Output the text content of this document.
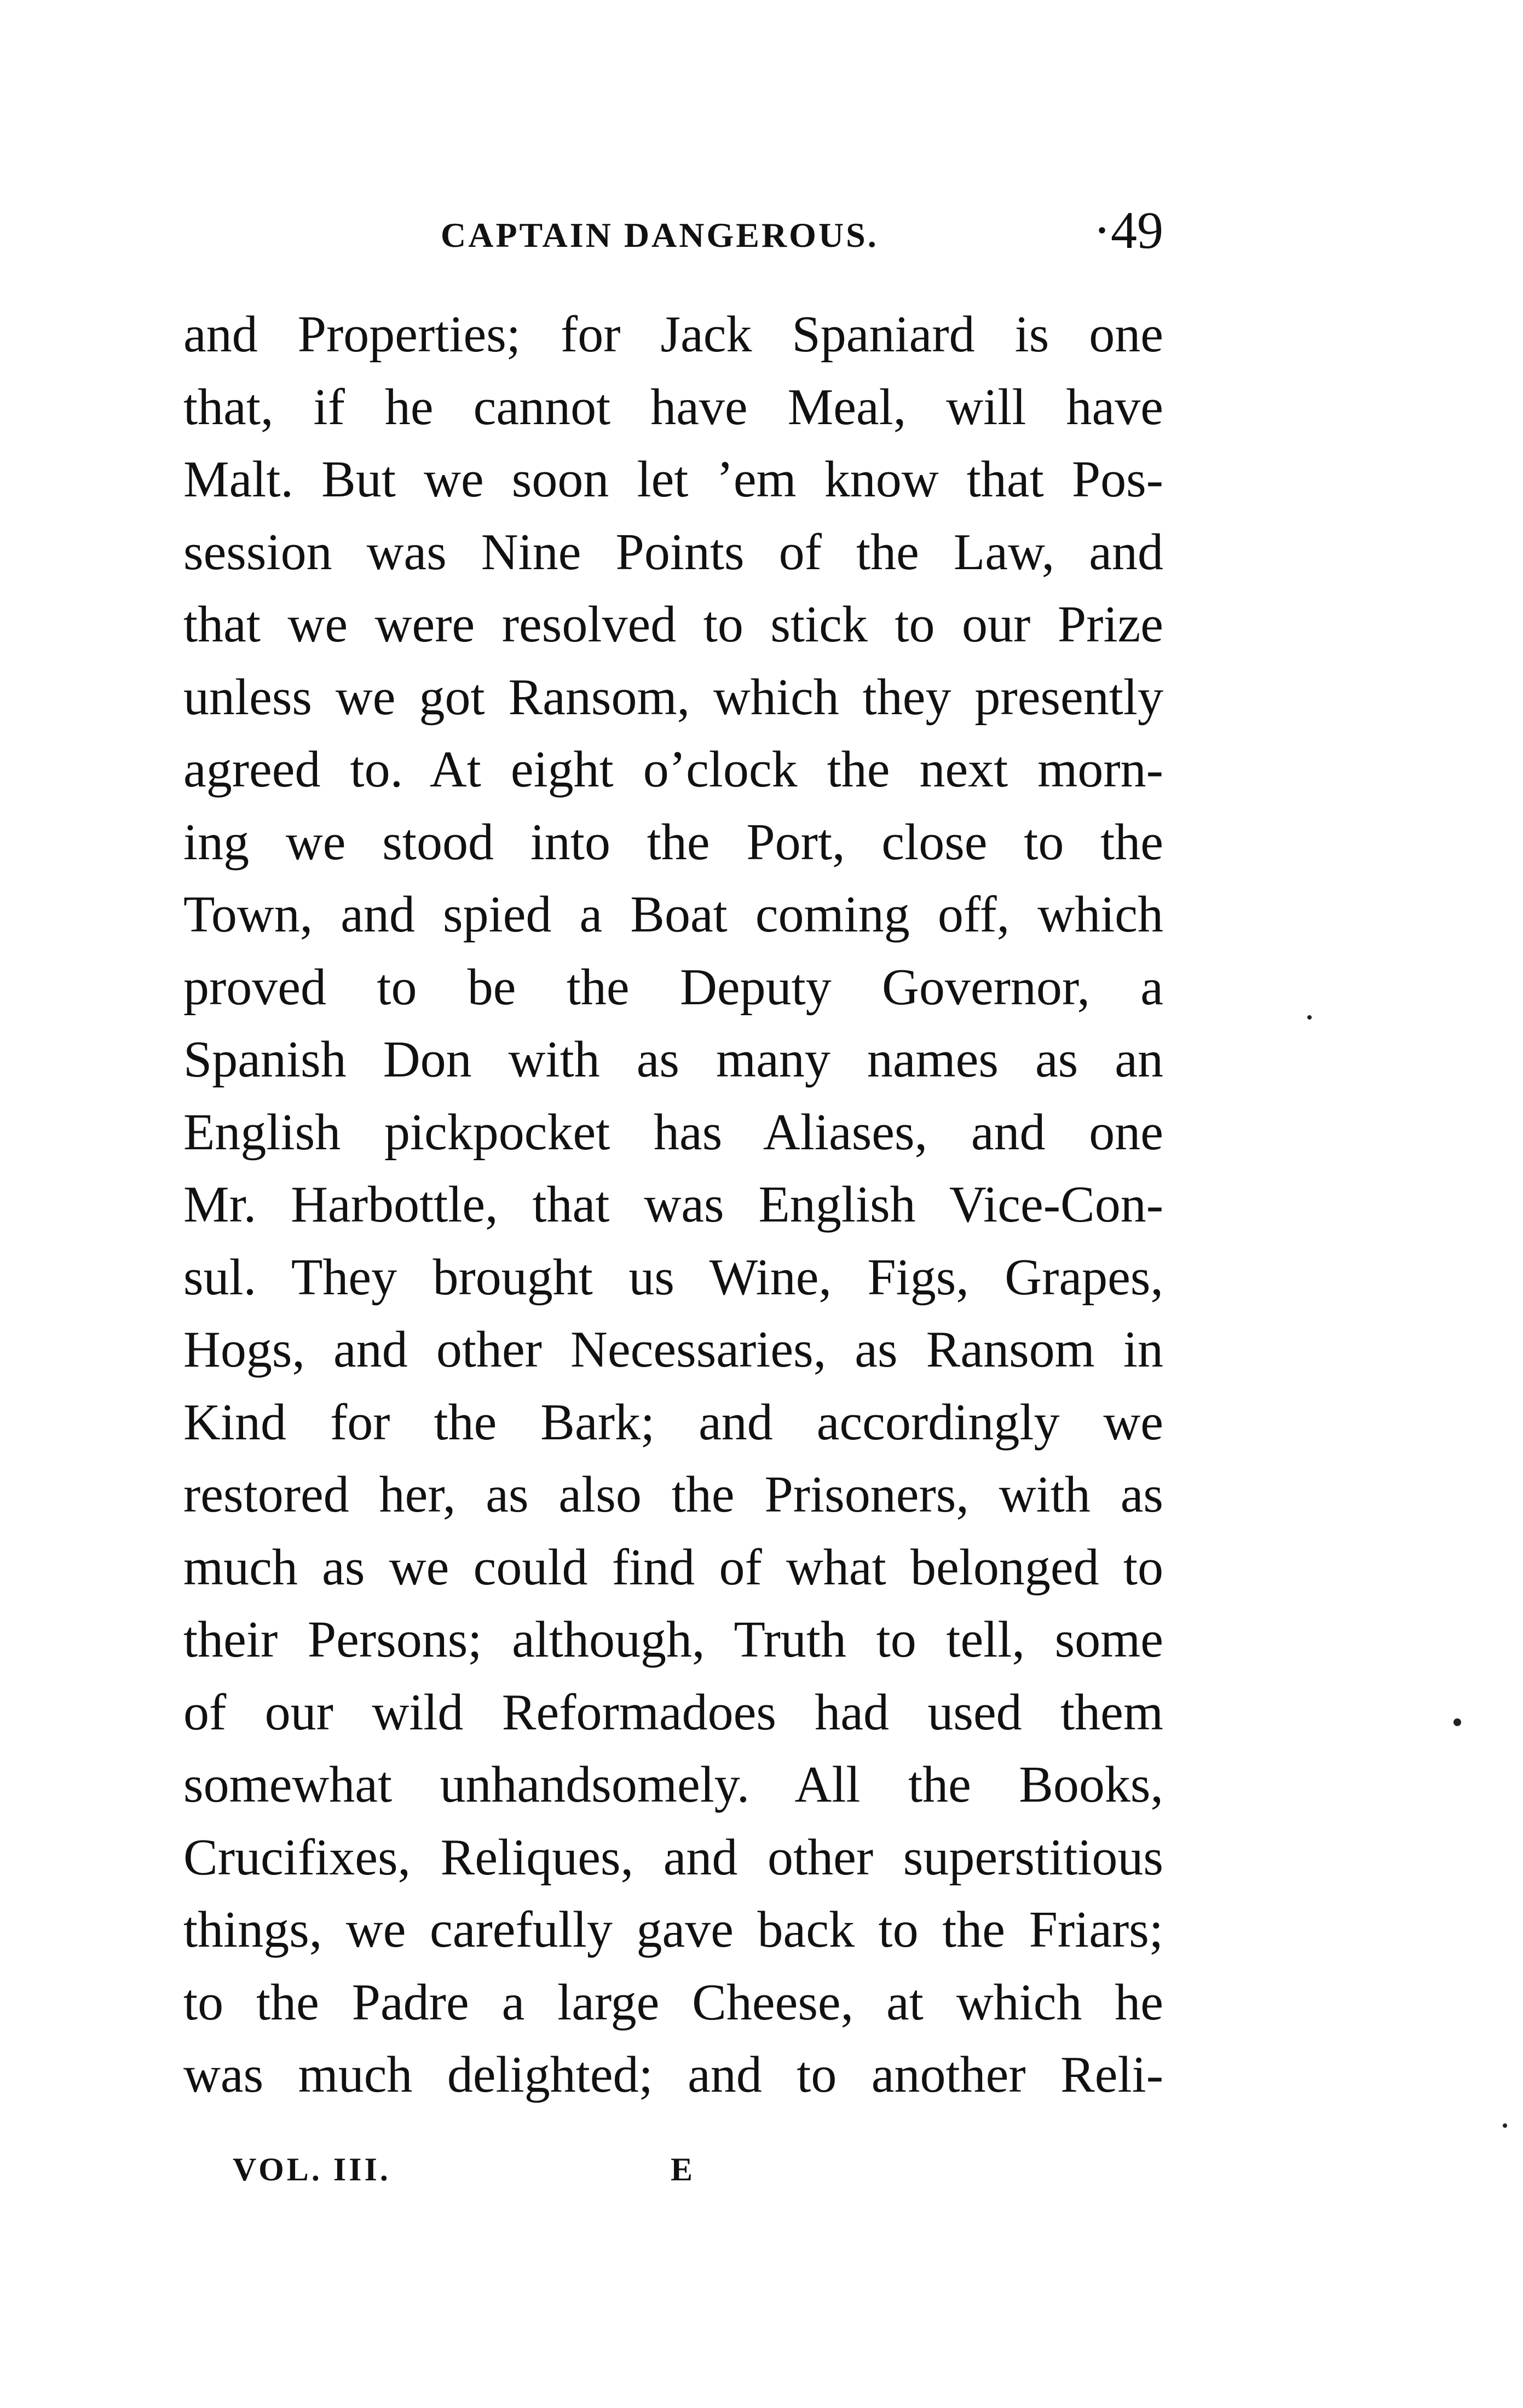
CAPTAIN DANGEROUS.	·49
and Properties; for Jack Spaniard is one
that, if he cannot have Meal, will have
Malt. But we soon let ’em know that Pos-
session was Nine Points of the Law, and
that we were resolved to stick to our Prize
unless we got Ransom, which they presently
agreed to. At eight o’clock the next morn-
ing we stood into the Port, close to the
Town, and spied a Boat coming off, which
proved to be the Deputy Governor, a
Spanish Don with as many names as an
English pickpocket has Aliases, and one
Mr. Harbottle, that was English Vice-Con-
sul. They brought us Wine, Figs, Grapes,
Hogs, and other Necessaries, as Ransom in
Kind for the Bark; and accordingly we
restored her, as also the Prisoners, with as
much as we could find of what belonged to
their Persons; although, Truth to tell, some
of our wild Reformadoes had used them
somewhat unhandsomely. All the Books,
Crucifixes, Reliques, and other superstitious
things, we carefully gave back to the Friars;
to the Padre a large Cheese, at which he
was much delighted; and to another Reli-
VOL. III.	E
